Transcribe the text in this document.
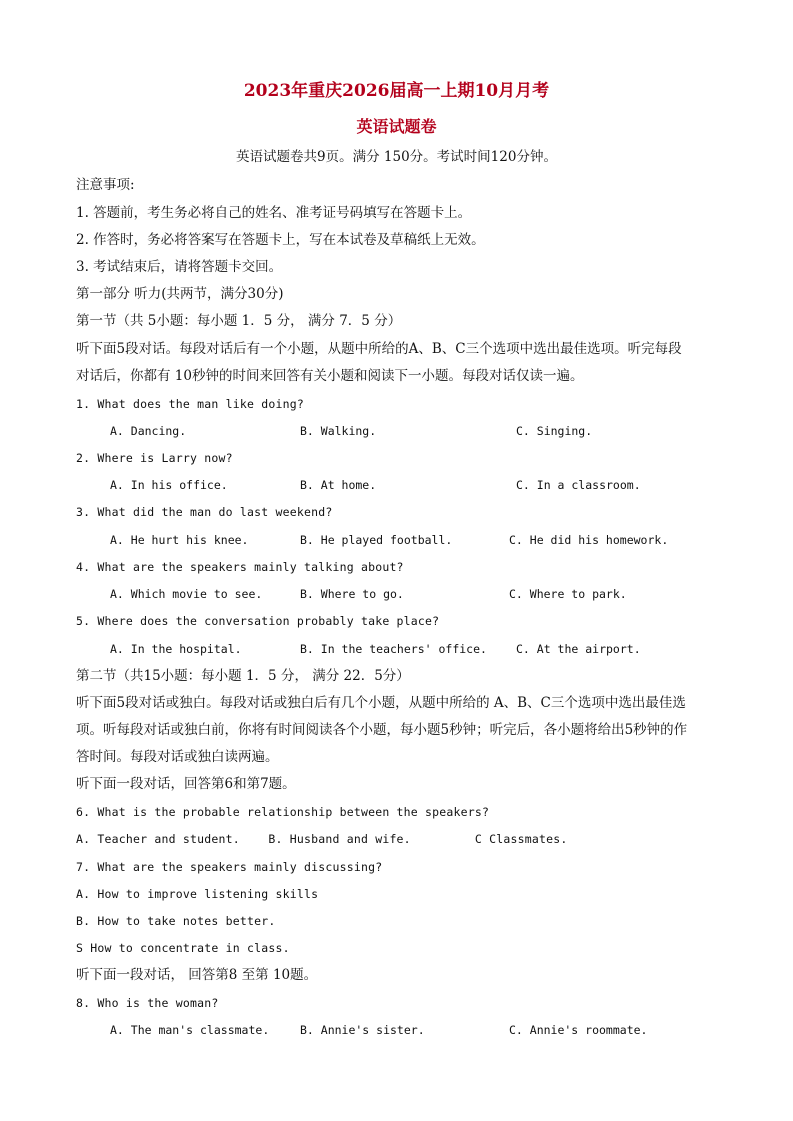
2023年重庆2026届高一上期10月月考
英语试题卷
英语试题卷共9页。满分 150分。考试时间120分钟。
注意事项:
1. 答题前，考生务必将自己的姓名、准考证号码填写在答题卡上。
2. 作答时，务必将答案写在答题卡上，写在本试卷及草稿纸上无效。
3. 考试结束后，请将答题卡交回。
第一部分 听力(共两节，满分30分)
第一节（共 5小题：每小题 1．5 分， 满分 7．5 分）
听下面5段对话。每段对话后有一个小题，从题中所给的A、B、C三个选项中选出最佳选项。听完每段
对话后，你都有 10秒钟的时间来回答有关小题和阅读下一小题。每段对话仅读一遍。
1. What does the man like doing?
A. Dancing.	B. Walking.	C. Singing.
2. Where is Larry now?
A. In his office.	B. At home.	C. In a classroom.
3. What did the man do last weekend?
A. He hurt his knee.	B. He played football.	C. He did his homework.
4. What are the speakers mainly talking about?
A. Which movie to see.	B. Where to go.	C. Where to park.
5. Where does the conversation probably take place?
A. In the hospital.	B. In the teachers' office.	C. At the airport.
第二节（共15小题：每小题 1．5 分， 满分 22．5分）
听下面5段对话或独白。每段对话或独白后有几个小题，从题中所给的 A、B、C三个选项中选出最佳选
项。听每段对话或独白前，你将有时间阅读各个小题，每小题5秒钟；听完后，各小题将给出5秒钟的作
答时间。每段对话或独白读两遍。
听下面一段对话，回答第6和第7题。
6. What is the probable relationship between the speakers?
A. Teacher and student.    B. Husband and wife.         C Classmates.
7. What are the speakers mainly discussing?
A. How to improve listening skills
B. How to take notes better.
S How to concentrate in class.
听下面一段对话， 回答第8 至第 10题。
8. Who is the woman?
A. The man's classmate.	B. Annie's sister.	C. Annie's roommate.
